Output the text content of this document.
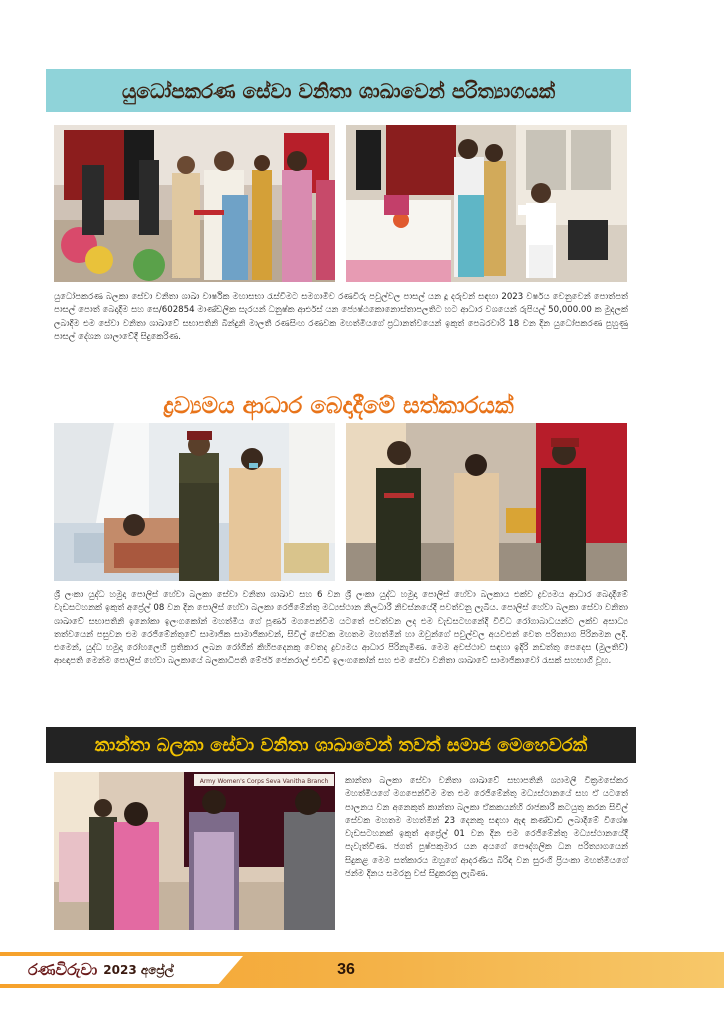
යුධෝපකරණ සේවා වනිතා ශාඛාවෙන් පරිත්‍යාගයක්

යුධෝපකරණ බලකා සේවා වනිතා ශාඛා වාර්ෂික මහාසභා රැස්වීමට සමගාමීව රණවිරු පවුල්වල පාසල් යන දූ දරුවන් සඳහා 2023 වර්ෂය වෙනුවෙන් පොත්පත් පාසල් පොත් බෙදාදීම සහ සෙ/602854 මාණ්ඩලික සැරයන් ධනුෂ්ක ආර්එස් යන ජ්‍යෙෂ්ඨකොනොස්තාපලතිට හට ආධාර වශයෙන් රුපියල් 50,000.00 ක මුදලක් ලබාදීම එම සේවා වනිතා ශාඛාවේ සභාපතිනි බින්දුනි මාලතී රණසිංහ රණවක මහත්මියගේ ප්‍රධානත්වයෙන් ඉකුත් පෙබරවාරි 18 වන දින යුධෝපකරණ පුහුණු පාසල් දේශන ශාලාවේදී සිදුකෙරිණ.

ද්‍රව්‍යමය ආධාර බෙදාදීමේ සත්කාරයක්

ශ්‍රී ලංකා යුද්ධ හමුදා පොලිස් හේවා බලකා සේවා වනිතා ශාඛාව සහ 6 වන ශ්‍රී ලංකා යුද්ධ හමුදා පොලිස් හේවා බලකාය එක්ව ද්‍රව්‍යමය ආධාර බෙදාදීමේ වැඩසටහනක් ඉකුත් අප්‍රේල් 08 වන දින පොලිස් හේවා බලකා රෙජිමේන්තු මධ්‍යස්ථාන නිලධාරී නිවස්නයේදී පවත්වනු ලැබීය. පොලිස් හේවා බලකා සේවා වනිතා ශාඛාවේ සභාපතිනි ඉනෝකා ඉලංගකෝන් මහත්මිය ගේ පූර්ණ මගපෙන්වීම යටතේ පවත්වන ලද එම වැඩසටහනේදී විවිධ රෝගාබාධයන්ට ලක්ව අසාධ්‍ය තත්වයෙන් පසුවන එම රෙජිමේන්තුවේ සාමාජික සාමාජිකාවන්, සිවිල් සේවක මහතම මහත්මීන් හා ඔවුන්ගේ පවුල්වල අයවළුන් වෙත පරිත්‍යාග පිරිනමන ලදී. එමෙන්, යුද්ධ හමුදා රෝහලෙහි ප්‍රතිකාර ලබන රෝගීන් කිහිපදෙනකු වෙතද ද්‍රව්‍යමය ආධාර පිරිනැමිණ. මෙම අවස්ථාව සඳහා ඉදිරි නඩත්තු පෙදෙස (මුලතිව්) ආඥාපති මෙන්ම පොලිස් හේවා බලකායේ බලකාධිපති මේජර් ජෙනරාල් එච්ඩී ඉලංගකෝන් සහ එම සේවා වනිතා ශාඛාවේ සාමාජිකාවෝ රැසක් සහභාගී වූහ.

කාන්තා බලකා සේවා වනිතා ශාඛාවෙන් තවත් සමාජ මෙහෙවරක්
Army Women's Corps Seva Vanitha Branch කාන්තා බලකා සේවා වනිතා ශාඛාවේ සභාපතිනි ශ්‍යාමලී වික්‍රමසේකර මහත්මියගේ මගපෙන්වීම මත එම රෙජිමේන්තු මධ්‍යස්ථානයේ සහ ඒ යටතේ පාලනය වන අනෙකුත් කාන්තා බලකා ඒකකයන්හි රාජකාරී කටයුතු කරන සිවිල් සේවක මහතම මහත්මීන් 23 දෙනකු සඳහා ඇඳ කණ්ඩාඩි ලබාදීමේ විශේෂ වැඩසටහනක් ඉකුත් අප්‍රේල් 01 වන දින එම රෙජිමේන්තු මධ්‍යස්ථානයේදී පැවැත්විණ. ජගත් පුෂ්පකුමාර යන අයගේ පෞද්ගලික ධන පරිත්‍යාගයෙන් සිදුකළ මෙම සත්කාරය ඔහුගේ ආදරණීය බිරිඳ වන සුරංගි ප්‍රියංකා මහත්මියගේ ජන්ම දිනය සමරනු වස් සිදුකරනු ලැබිණ.

රණවිරුවා 2023 අප්‍රේල්	36
